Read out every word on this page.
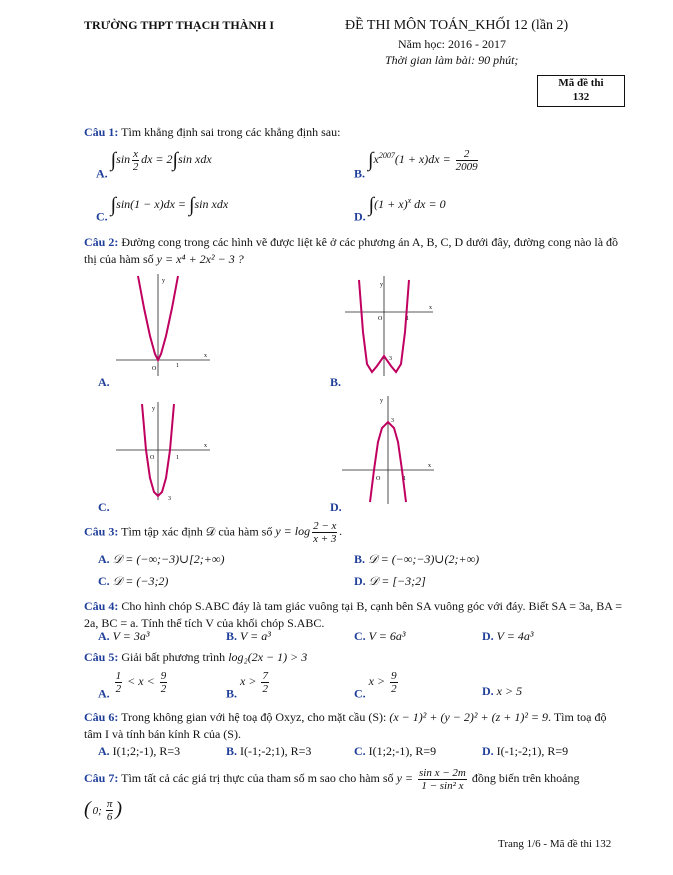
TRƯỜNG THPT THẠCH THÀNH I	ĐỀ THI MÔN TOÁN_KHỐI 12 (lần 2)
Năm học: 2016 - 2017
Thời gian làm bài: 90 phút;
Mã đề thi
132
Câu 1: Tìm khẳng định sai trong các khẳng định sau:
A. $\int\sin \frac{x}{2}$ dx = 2∫sin xdx
B. $\int x^{2007}(1 + x)dx = \frac{2}{2009}$
C. ∫sin(1 − x)dx = ∫sin xdx
D. $\int(1 + x)^x$ dx = 0
Câu 2: Đường cong trong các hình vẽ được liệt kê ở các phương án A, B, C, D dưới đây, đường cong nào là đồ thị của hàm số y = x⁴ + 2x² − 3 ?
O	1
y
x
A.
O	1
y
x
3
B.
O	1
y
x
3
C.
O	1
y
x
3
D.
Câu 3: Tìm tập xác định 𝒟 của hàm số $y = \log \frac{2 - x}{x + 3}$ .
A. 𝒟 = (−∞;−3)∪[2;+∞)	B. 𝒟 = (−∞;−3)∪(2;+∞)
C. 𝒟 = (−3;2)	D. 𝒟 = [−3;2]
Câu 4: Cho hình chóp S.ABC đáy là tam giác vuông tại B, cạnh bên SA vuông góc với đáy. Biết SA = 3a, BA = 2a, BC = a. Tính thể tích V của khối chóp S.ABC.
A. V = 3a³	B. V = a³	C. V = 6a³	D. V = 4a³
Câu 5: Giải bất phương trình log₂(2x − 1) > 3
A. $\frac{1}{2} < x < \frac{9}{2}$	B. $x > \frac{7}{2}$	C. $x > \frac{9}{2}$	D. x > 5
Câu 6: Trong không gian với hệ toạ độ Oxyz, cho mặt cầu (S): (x − 1)² + (y − 2)² + (z + 1)² = 9. Tìm toạ độ tâm I và tính bán kính R của (S).
A. I(1;2;-1), R=3	B. I(-1;-2;1), R=3	C. I(1;2;-1), R=9	D. I(-1;-2;1), R=9
Câu 7: Tìm tất cả các giá trị thực của tham số m sao cho hàm số $y = \frac{\text{sin x − 2m}}{\text{1 − sin² x}}$ đồng biến trên khoảng
( 0; $\frac{\pi}{6}$ )
Trang 1/6 - Mã đề thi 132
